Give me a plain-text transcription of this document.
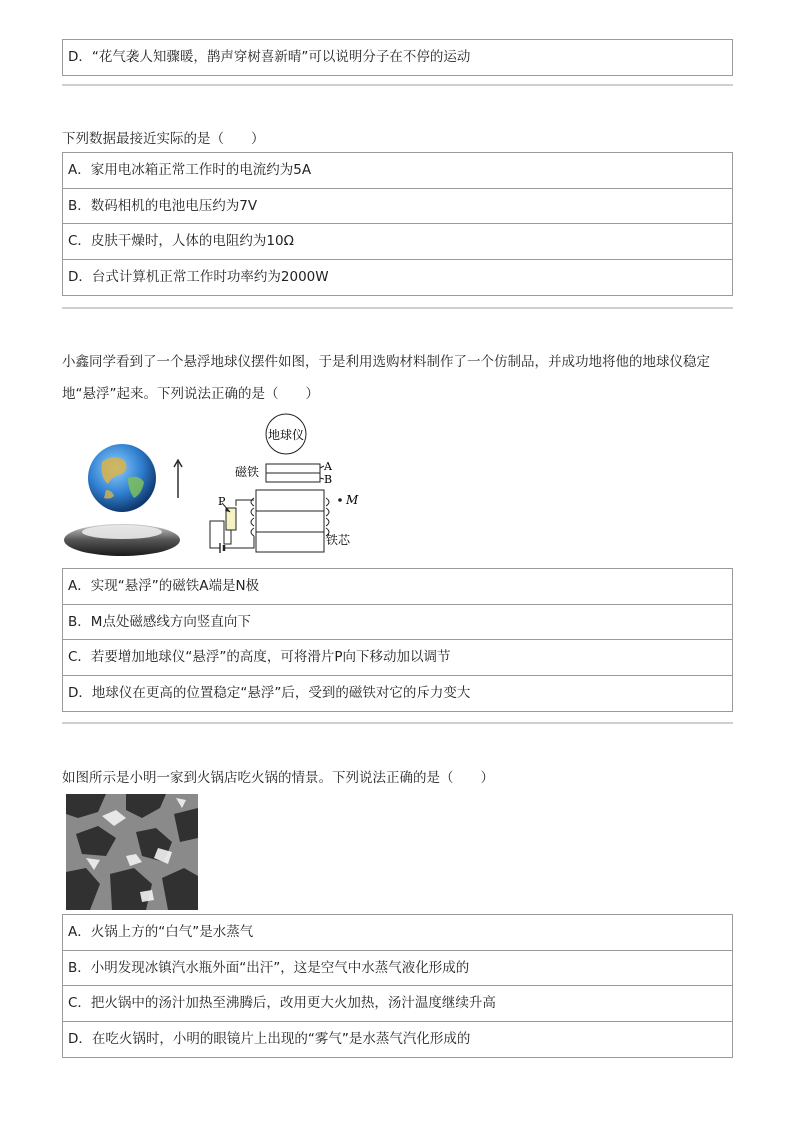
D．“花气袭人知骤暖，鹊声穿树喜新晴”可以说明分子在不停的运动
下列数据最接近实际的是（　　）
A．家用电冰箱正常工作时的电流约为5A
B．数码相机的电池电压约为7V
C．皮肤干燥时，人体的电阻约为10Ω
D．台式计算机正常工作时功率约为2000W
小鑫同学看到了一个悬浮地球仪摆件如图，于是利用选购材料制作了一个仿制品，并成功地将他的地球仪稳定
地“悬浮”起来。下列说法正确的是（　　）
地球仪
磁铁	A
B
M
铁芯
P
A．实现“悬浮”的磁铁A端是N极
B．M点处磁感线方向竖直向下
C．若要增加地球仪“悬浮”的高度，可将滑片P向下移动加以调节
D．地球仪在更高的位置稳定“悬浮”后，受到的磁铁对它的斥力变大
如图所示是小明一家到火锅店吃火锅的情景。下列说法正确的是（　　）
A．火锅上方的“白气”是水蒸气
B．小明发现冰镇汽水瓶外面“出汗”，这是空气中水蒸气液化形成的
C．把火锅中的汤汁加热至沸腾后，改用更大火加热，汤汁温度继续升高
D．在吃火锅时，小明的眼镜片上出现的“雾气”是水蒸气汽化形成的
